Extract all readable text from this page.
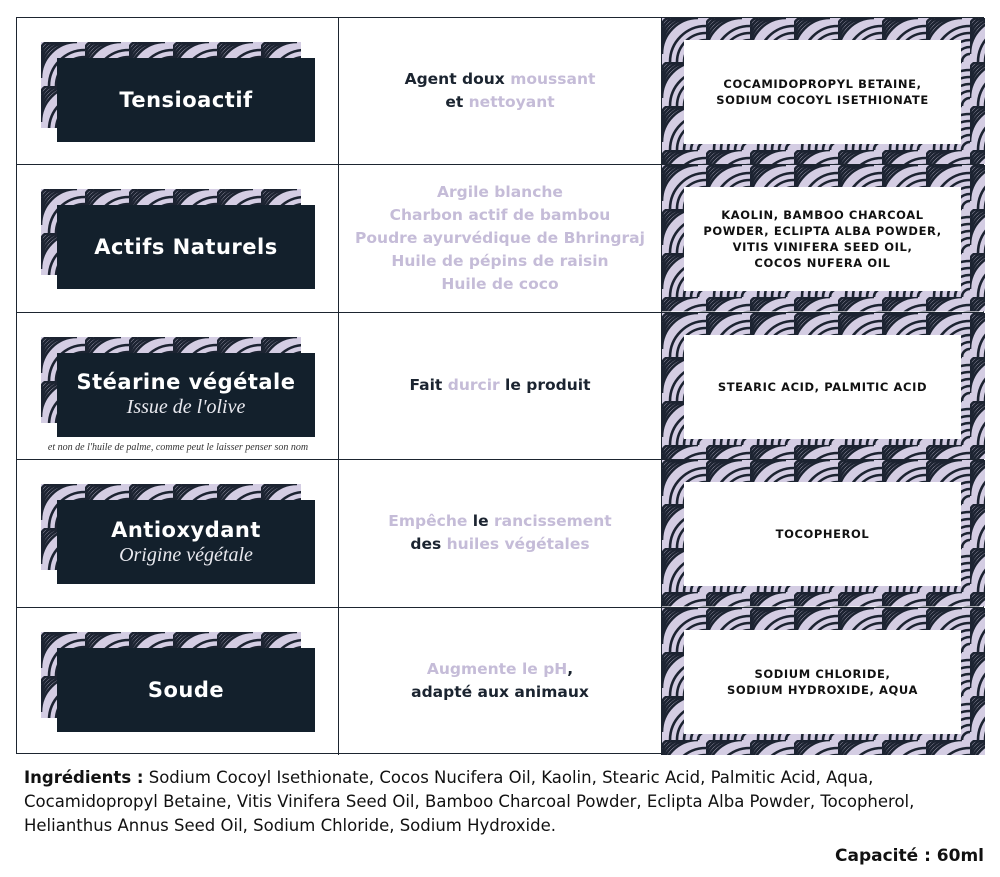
Tensioactif
Agent doux moussant
et nettoyant
COCAMIDOPROPYL BETAINE,
SODIUM COCOYL ISETHIONATE
Actifs Naturels
Argile blanche
Charbon actif de bambou
Poudre ayurvédique de Bhringraj
Huile de pépins de raisin
Huile de coco
KAOLIN, BAMBOO CHARCOAL
POWDER, ECLIPTA ALBA POWDER,
VITIS VINIFERA SEED OIL,
COCOS NUFERA OIL
Stéarine végétale
Issue de l'olive
et non de l'huile de palme, comme peut le laisser penser son nom
Fait durcir le produit	STEARIC ACID, PALMITIC ACID
Antioxydant
Origine végétale
Empêche le rancissement
des huiles végétales
TOCOPHEROL
Soude
Augmente le pH,
adapté aux animaux
SODIUM CHLORIDE,
SODIUM HYDROXIDE, AQUA
Ingrédients : Sodium Cocoyl Isethionate, Cocos Nucifera Oil, Kaolin, Stearic Acid, Palmitic Acid, Aqua, Cocamidopropyl Betaine, Vitis Vinifera Seed Oil, Bamboo Charcoal Powder, Eclipta Alba Powder, Tocopherol, Helianthus Annus Seed Oil, Sodium Chloride, Sodium Hydroxide.
Capacité : 60ml
